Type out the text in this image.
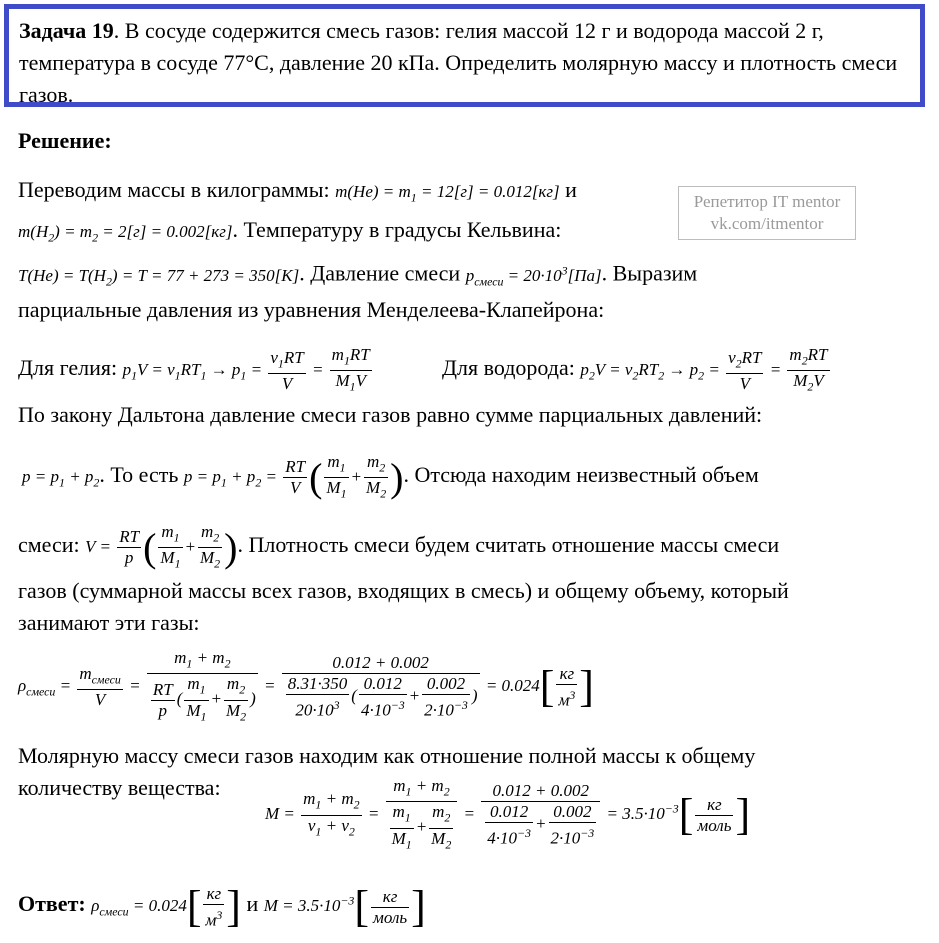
Задача 19. В сосуде содержится смесь газов: гелия массой 12 г и водорода массой 2 г, температура в сосуде 77°С, давление 20 кПа. Определить молярную массу и плотность смеси газов.
Решение:
Репетитор IT mentor
vk.com/itmentor
Переводим массы в килограммы: $m(He) = m_1 = 12[г] = 0.012[кг]$ и
$m(H_2) = m_2 = 2[г] = 0.002[кг]$. Температуру в градусы Кельвина:
$T(He) = T(H_2) = T = 77 + 273 = 350[K]$. Давление смеси $p_{смеси} = 20\cdot 10^3[Па]$. Выразим
парциальные давления из уравнения Менделеева-Клапейрона:
Для гелия: $p_1V = \nu_1RT_1 \to p_1 = \frac{\nu_1RT}{V} = \frac{m_1RT}{M_1V}$	Для водорода: $p_2V = \nu_2RT_2 \to p_2 = \frac{\nu_2RT}{V} = \frac{m_2RT}{M_2V}$
По закону Дальтона давление смеси газов равно сумме парциальных давлений:
$p = p_1 + p_2$. То есть $p = p_1 + p_2 = \frac{RT}{V}$ ( $\frac{m_1}{M_1} + \frac{m_2}{M_2}$ ). Отсюда находим неизвестный объем
смеси: $V = \frac{RT}{p}$ ( $\frac{m_1}{M_1} + \frac{m_2}{M_2}$ ). Плотность смеси будем считать отношение массы смеси
газов (суммарной массы всех газов, входящих в смесь) и общему объему, который
занимают эти газы:
$\rho_{смеси} = \frac{m_{смеси}}{V} = \frac{m_1 + m_2}{\frac{RT}{p} ( \frac{m_1}{M_1} + \frac{m_2}{M_2} )} = \frac{0.012 + 0.002}{\frac{8.31\cdot 350}{20\cdot 10^3} ( \frac{0.012}{4\cdot 10^{-3}} + \frac{0.002}{2\cdot 10^{-3}} )} = 0.024[ \frac{кг}{м^3}$ ]
Молярную массу смеси газов находим как отношение полной массы к общему
количеству вещества:
$M = \frac{m_1 + m_2}{\nu_1 + \nu_2} = \frac{m_1 + m_2}{\frac{m_1}{M_1} + \frac{m_2}{M_2}} = \frac{0.012 + 0.002}{\frac{0.012}{4\cdot 10^{-3}} + \frac{0.002}{2\cdot 10^{-3}}} = 3.5\cdot 10^{-3}[ \frac{кг}{\text{моль}}$ ]
Ответ: $\rho_{смеси} = 0.024[ \frac{кг}{м^3}$ ] и $M = 3.5\cdot 10^{-3}[ \frac{кг}{\text{моль}}$ ]
